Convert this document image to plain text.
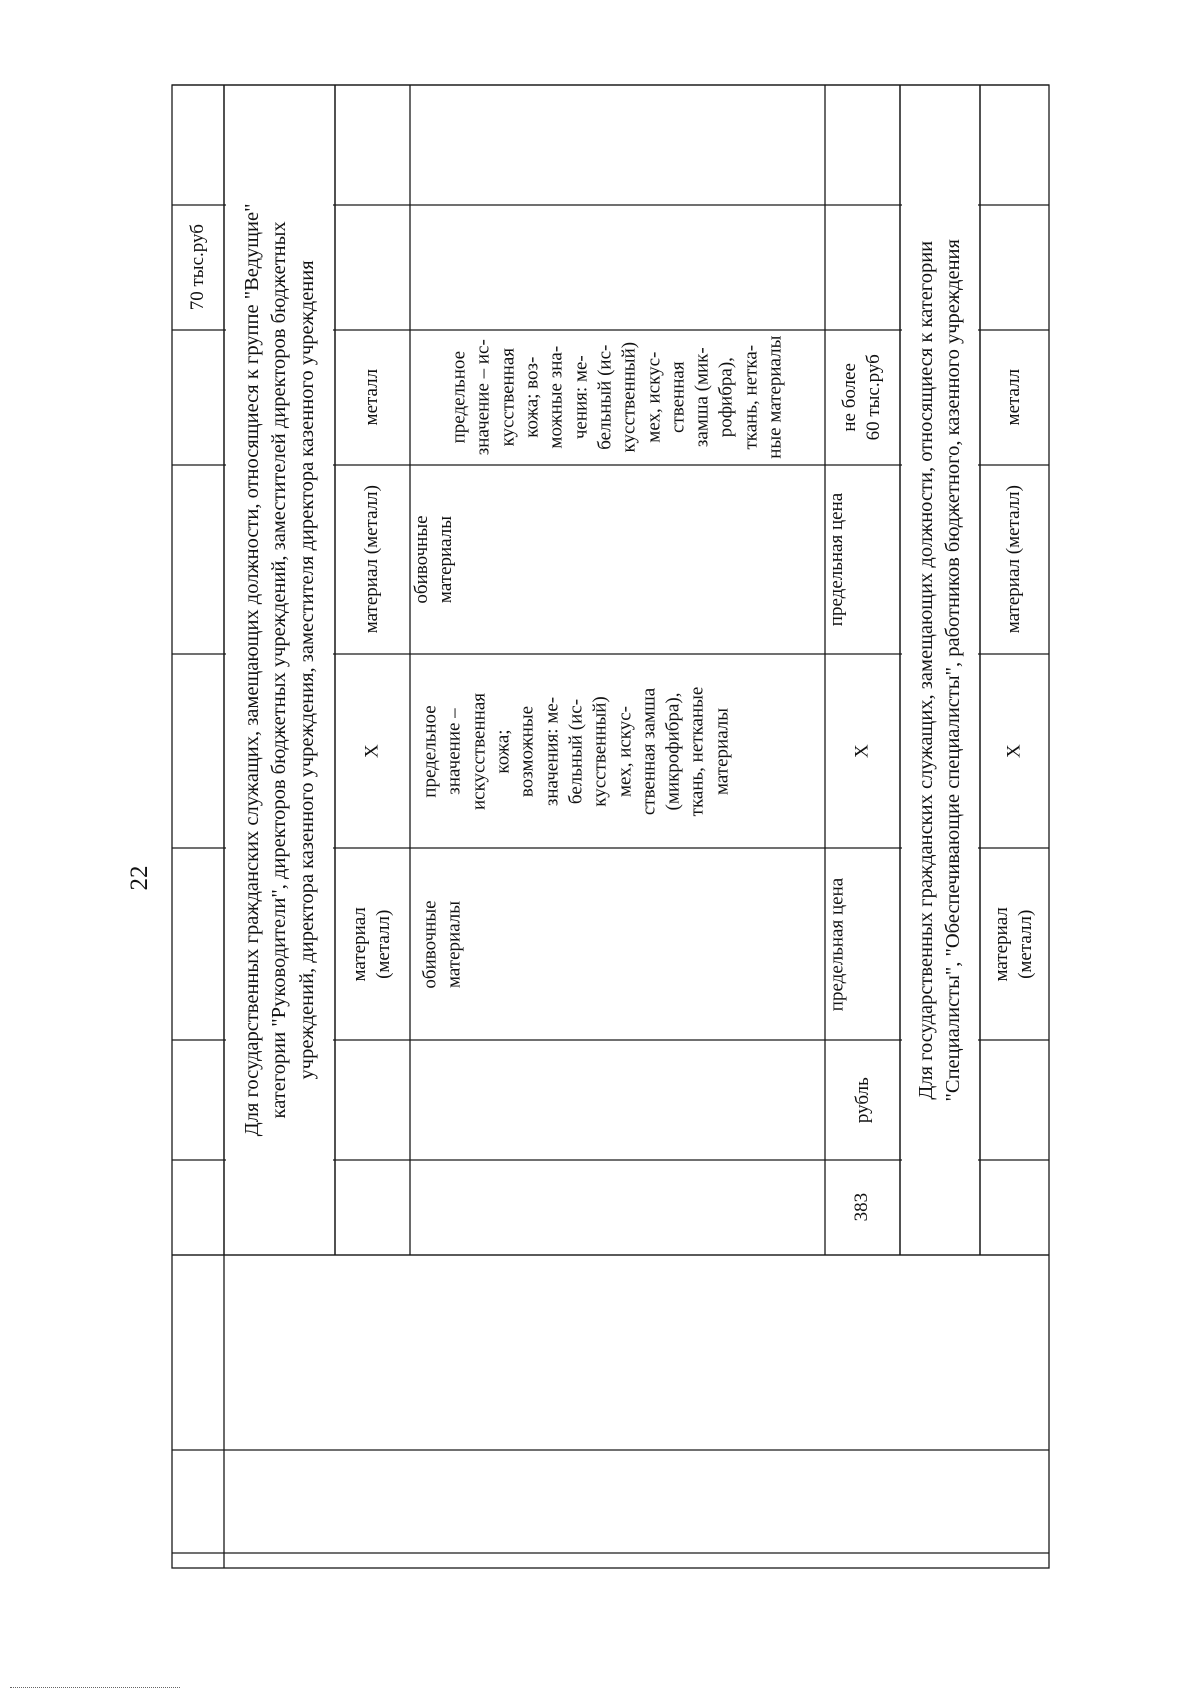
22
70 тыс.руб
Для государственных гражданских служащих, замещающих должности, относящиеся к группе "Ведущие"
категории "Руководители", директоров бюджетных учреждений, заместителей директоров бюджетных
учреждений, директора казенного учреждения, заместителя директора казенного учреждения
металл
материал (металл)
X
материал
(металл)
предельное
значение – ис-
кусственная
кожа; воз-
можные зна-
чения: ме-
бельный (ис-
кусственный)
мех, искус-
ственная
замша (мик-
рофибра),
ткань, нетка-
ные материалы
обивочные
материалы
предельное
значение –
искусственная
кожа;
возможные
значения: ме-
бельный (ис-
кусственный)
мех, искус-
ственная замша
(микрофибра),
ткань, нетканые
материалы
обивочные
материалы
не более
60 тыс.руб
предельная цена
X
предельная цена
рубль
383
Для государственных гражданских служащих, замещающих должности, относящиеся к категории
"Специалисты", "Обеспечивающие специалисты", работников бюджетного, казенного учреждения
металл
материал (металл)
X
материал
(металл)
